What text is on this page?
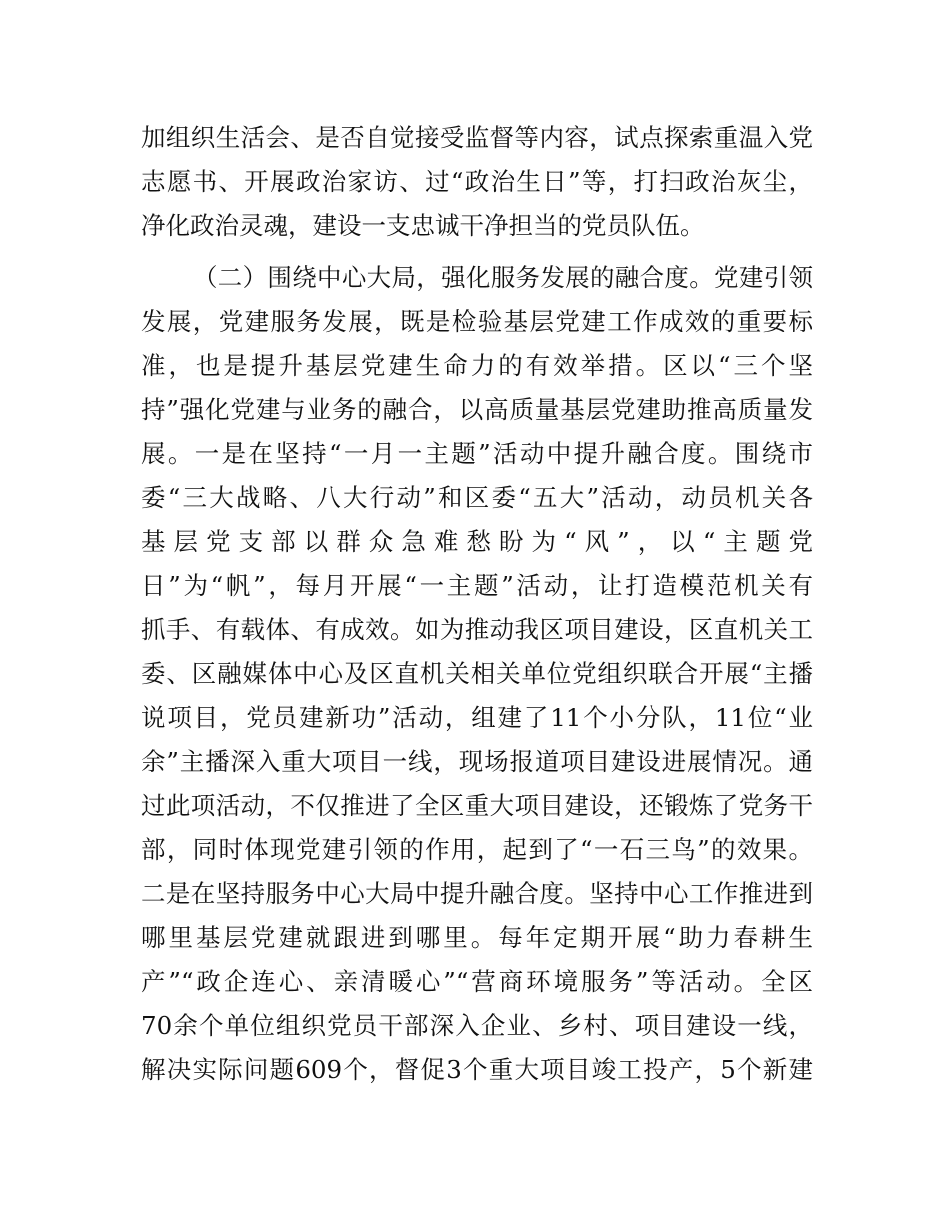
加组织生活会、是否自觉接受监督等内容，试点探索重温入党
志愿书、开展政治家访、过“政治生日”等，打扫政治灰尘，
净化政治灵魂，建设一支忠诚干净担当的党员队伍。
（二）围绕中心大局，强化服务发展的融合度。党建引领
发展，党建服务发展，既是检验基层党建工作成效的重要标
准，也是提升基层党建生命力的有效举措。区以“三个坚
持”强化党建与业务的融合，以高质量基层党建助推高质量发
展。一是在坚持“一月一主题”活动中提升融合度。围绕市
委“三大战略、八大行动”和区委“五大”活动，动员机关各
基层党支部以群众急难愁盼为“风”，以“主题党
日”为“帆”，每月开展“一主题”活动，让打造模范机关有
抓手、有载体、有成效。如为推动我区项目建设，区直机关工
委、区融媒体中心及区直机关相关单位党组织联合开展“主播
说项目，党员建新功”活动，组建了11个小分队，11位“业
余”主播深入重大项目一线，现场报道项目建设进展情况。通
过此项活动，不仅推进了全区重大项目建设，还锻炼了党务干
部，同时体现党建引领的作用，起到了“一石三鸟”的效果。
二是在坚持服务中心大局中提升融合度。坚持中心工作推进到
哪里基层党建就跟进到哪里。每年定期开展“助力春耕生
产”“政企连心、亲清暖心”“营商环境服务”等活动。全区
70余个单位组织党员干部深入企业、乡村、项目建设一线，
解决实际问题609个，督促3个重大项目竣工投产，5个新建
